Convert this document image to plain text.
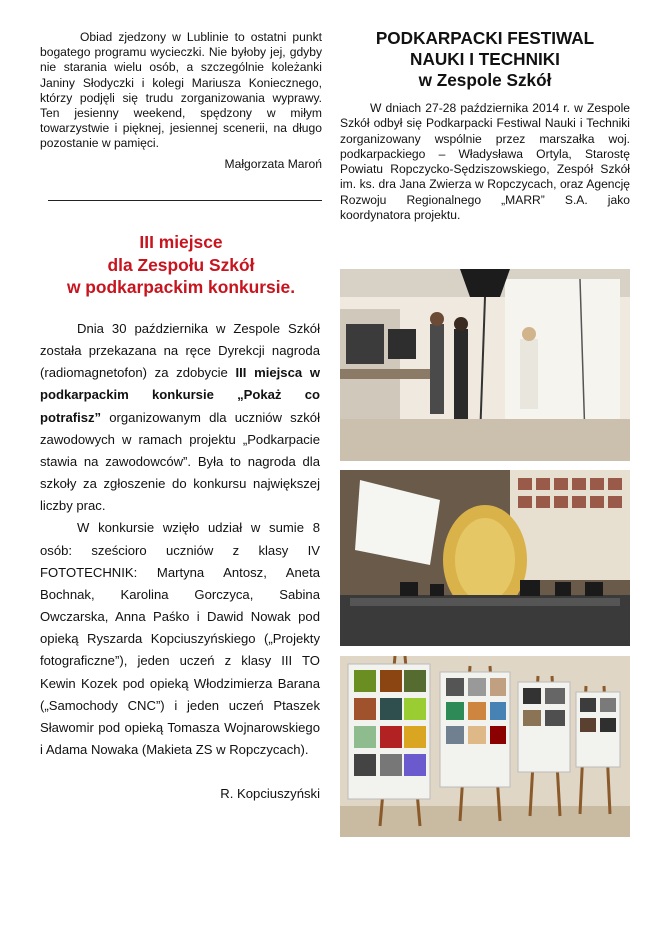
Obiad zjedzony w Lublinie to ostatni punkt bogatego programu wycieczki. Nie byłoby jej, gdyby nie starania wielu osób, a szczególnie koleżanki Janiny Słodyczki i kolegi Mariusza Koniecznego, którzy podjęli się trudu zorganizowania wyprawy. Ten jesienny weekend, spędzony w miłym towarzystwie i pięknej, jesiennej scenerii, na długo pozostanie w pamięci.

Małgorzata Maroń

III miejsce
dla Zespołu Szkół
w podkarpackim konkursie.

Dnia 30 października w Zespole Szkół została przekazana na ręce Dyrekcji nagroda (radiomagnetofon) za zdobycie III miejsca w podkarpackim konkursie „Pokaż co potrafisz” organizowanym dla uczniów szkół zawodowych w ramach projektu „Podkarpacie stawia na zawodowców”. Była to nagroda dla szkoły za zgłoszenie do konkursu największej liczby prac.

W konkursie wzięło udział w sumie 8 osób: sześcioro uczniów z klasy IV FOTOTECHNIK: Martyna Antosz, Aneta Bochnak, Karolina Gorczyca, Sabina Owczarska, Anna Paśko i Dawid Nowak pod opieką Ryszarda Kopciuszyńskiego („Projekty fotograficzne”), jeden uczeń z klasy III TO Kewin Kozek pod opieką Włodzimierza Barana („Samochody CNC”) i jeden uczeń Ptaszek Sławomir pod opieką Tomasza Wojnarowskiego i Adama Nowaka (Makieta ZS w Ropczycach).

R. Kopciuszyński

PODKARPACKI FESTIWAL
NAUKI I TECHNIKI
w Zespole Szkół

W dniach 27-28 października 2014 r. w Zespole Szkół odbył się Podkarpacki Festiwal Nauki i Techniki zorganizowany wspólnie przez marszałka woj. podkarpackiego – Władysława Ortyla, Starostę Powiatu Ropczycko-Sędziszowskiego, Zespół Szkół im. ks. dra Jana Zwierza w Ropczycach, oraz Agencję Rozwoju Regionalnego „MARR” S.A. jako koordynatora projektu.
